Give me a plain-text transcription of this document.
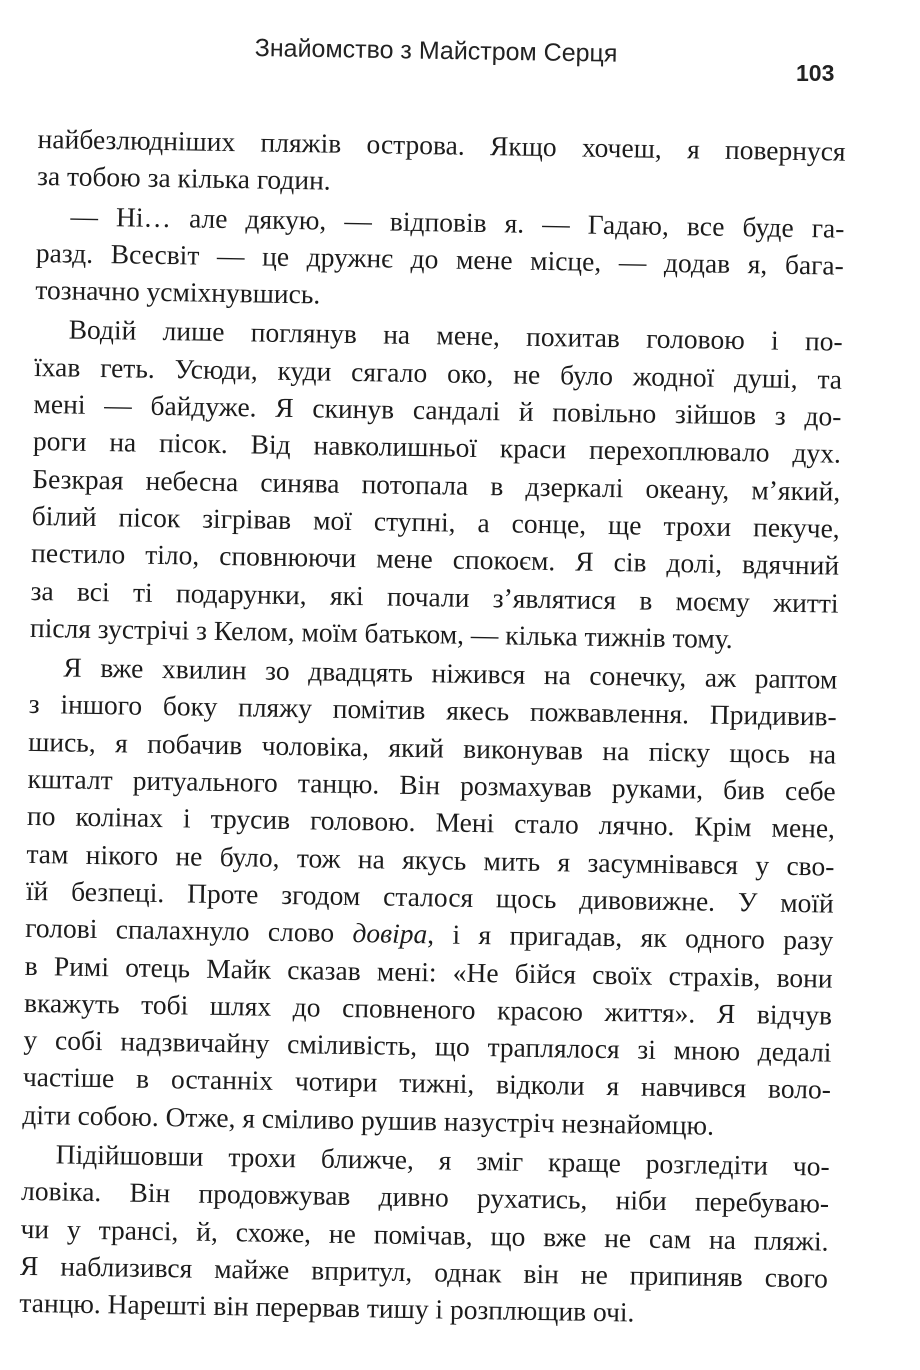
Знайомство з Майстром Серця
103
найбезлюдніших пляжів острова. Якщо хочеш, я повернуся
за тобою за кілька годин.
— Ні… але дякую, — відповів я. — Гадаю, все буде га-
разд. Всесвіт — це дружнє до мене місце, — додав я, бага-
тозначно усміхнувшись.
Водій лише поглянув на мене, похитав головою і по-
їхав геть. Усюди, куди сягало око, не було жодної душі, та
мені — байдуже. Я скинув сандалі й повільно зійшов з до-
роги на пісок. Від навколишньої краси перехоплювало дух.
Безкрая небесна синява потопала в дзеркалі океану, м’який,
білий пісок зігрівав мої ступні, а сонце, ще трохи пекуче,
пестило тіло, сповнюючи мене спокоєм. Я сів долі, вдячний
за всі ті подарунки, які почали з’являтися в моєму житті
після зустрічі з Келом, моїм батьком, — кілька тижнів тому.
Я вже хвилин зо двадцять ніжився на сонечку, аж раптом
з іншого боку пляжу помітив якесь пожвавлення. Придивив-
шись, я побачив чоловіка, який виконував на піску щось на
кшталт ритуального танцю. Він розмахував руками, бив себе
по колінах і трусив головою. Мені стало лячно. Крім мене,
там нікого не було, тож на якусь мить я засумнівався у сво-
їй безпеці. Проте згодом сталося щось дивовижне. У моїй
голові спалахнуло слово довіра, і я пригадав, як одного разу
в Римі отець Майк сказав мені: «Не бійся своїх страхів, вони
вкажуть тобі шлях до сповненого красою життя». Я відчув
у собі надзвичайну сміливість, що траплялося зі мною дедалі
частіше в останніх чотири тижні, відколи я навчився воло-
діти собою. Отже, я сміливо рушив назустріч незнайомцю.
Підійшовши трохи ближче, я зміг краще розгледіти чо-
ловіка. Він продовжував дивно рухатись, ніби перебуваю-
чи у трансі, й, схоже, не помічав, що вже не сам на пляжі.
Я наблизився майже впритул, однак він не припиняв свого
танцю. Нарешті він перервав тишу і розплющив очі.
